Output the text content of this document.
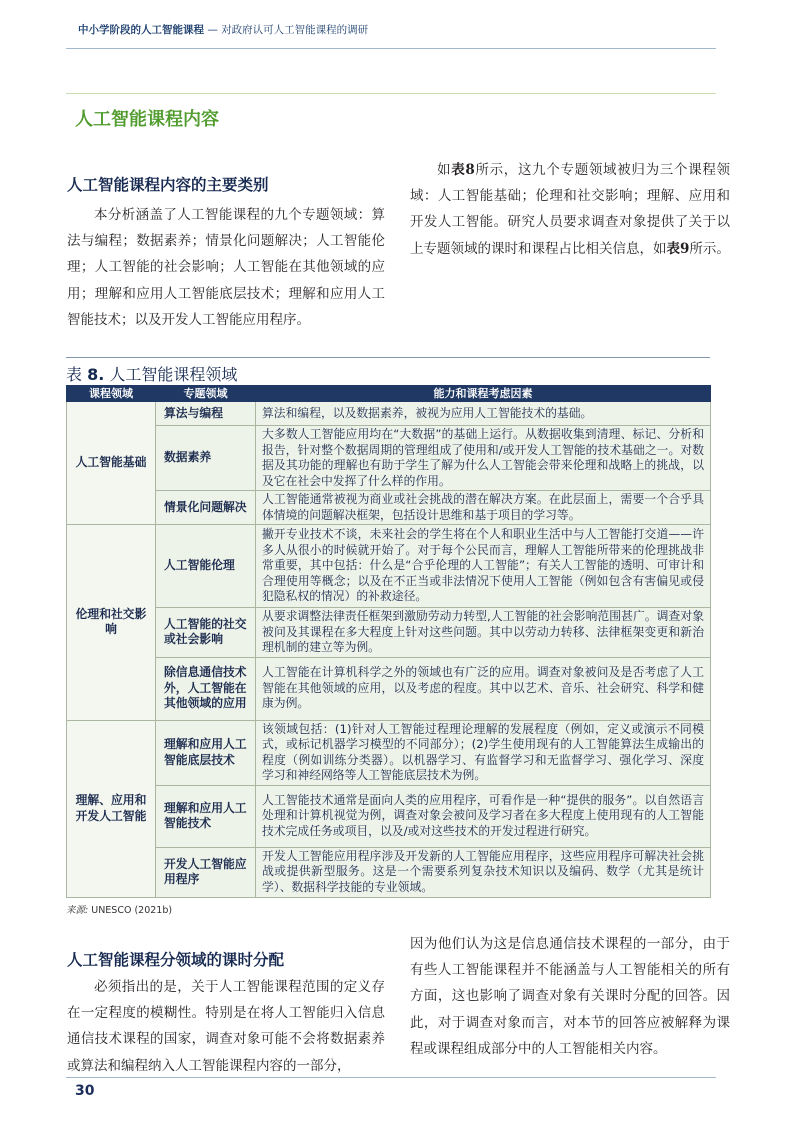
中小学阶段的人工智能课程 — 对政府认可人工智能课程的调研
人工智能课程内容
人工智能课程内容的主要类别

本分析涵盖了人工智能课程的九个专题领域：算法与编程；数据素养；情景化问题解决；人工智能伦理；人工智能的社会影响；人工智能在其他领域的应用；理解和应用人工智能底层技术；理解和应用人工智能技术；以及开发人工智能应用程序。

如表8所示，这九个专题领域被归为三个课程领域：人工智能基础；伦理和社交影响；理解、应用和开发人工智能。研究人员要求调查对象提供了关于以上专题领域的课时和课程占比相关信息，如表9所示。

表 8. 人工智能课程领域
课程领域	专题领域	能力和课程考虑因素
人工智能基础	算法与编程	算法和编程，以及数据素养，被视为应用人工智能技术的基础。
	数据素养	大多数人工智能应用均在“大数据”的基础上运行。从数据收集到清理、标记、分析和报告，针对整个数据周期的管理组成了使用和/或开发人工智能的技术基础之一。对数据及其功能的理解也有助于学生了解为什么人工智能会带来伦理和战略上的挑战，以及它在社会中发挥了什么样的作用。
	情景化问题解决	人工智能通常被视为商业或社会挑战的潜在解决方案。在此层面上，需要一个合乎具体情境的问题解决框架，包括设计思维和基于项目的学习等。
伦理和社交影响	人工智能伦理	撇开专业技术不谈，未来社会的学生将在个人和职业生活中与人工智能打交道——许多人从很小的时候就开始了。对于每个公民而言，理解人工智能所带来的伦理挑战非常重要，其中包括：什么是“合乎伦理的人工智能”；有关人工智能的透明、可审计和合理使用等概念；以及在不正当或非法情况下使用人工智能（例如包含有害偏见或侵犯隐私权的情况）的补救途径。
	人工智能的社交或社会影响	从要求调整法律责任框架到激励劳动力转型,人工智能的社会影响范围甚广。调查对象被问及其课程在多大程度上针对这些问题。其中以劳动力转移、法律框架变更和新治理机制的建立等为例。
	除信息通信技术外，人工智能在其他领域的应用	人工智能在计算机科学之外的领域也有广泛的应用。调查对象被问及是否考虑了人工智能在其他领域的应用，以及考虑的程度。其中以艺术、音乐、社会研究、科学和健康为例。
理解、应用和开发人工智能	理解和应用人工智能底层技术	该领域包括：(1)针对人工智能过程理论理解的发展程度（例如，定义或演示不同模式，或标记机器学习模型的不同部分）；(2)学生使用现有的人工智能算法生成输出的程度（例如训练分类器）。以机器学习、有监督学习和无监督学习、强化学习、深度学习和神经网络等人工智能底层技术为例。
	理解和应用人工智能技术	人工智能技术通常是面向人类的应用程序，可看作是一种“提供的服务”。以自然语言处理和计算机视觉为例，调查对象会被问及学习者在多大程度上使用现有的人工智能技术完成任务或项目，以及/或对这些技术的开发过程进行研究。
	开发人工智能应用程序	开发人工智能应用程序涉及开发新的人工智能应用程序，这些应用程序可解决社会挑战或提供新型服务。这是一个需要系列复杂技术知识以及编码、数学（尤其是统计学）、数据科学技能的专业领域。
来源: UNESCO (2021b)
人工智能课程分领域的课时分配

必须指出的是，关于人工智能课程范围的定义存在一定程度的模糊性。特别是在将人工智能归入信息通信技术课程的国家，调查对象可能不会将数据素养或算法和编程纳入人工智能课程内容的一部分，

因为他们认为这是信息通信技术课程的一部分，由于有些人工智能课程并不能涵盖与人工智能相关的所有方面，这也影响了调查对象有关课时分配的回答。因此，对于调查对象而言，对本节的回答应被解释为课程或课程组成部分中的人工智能相关内容。

30
